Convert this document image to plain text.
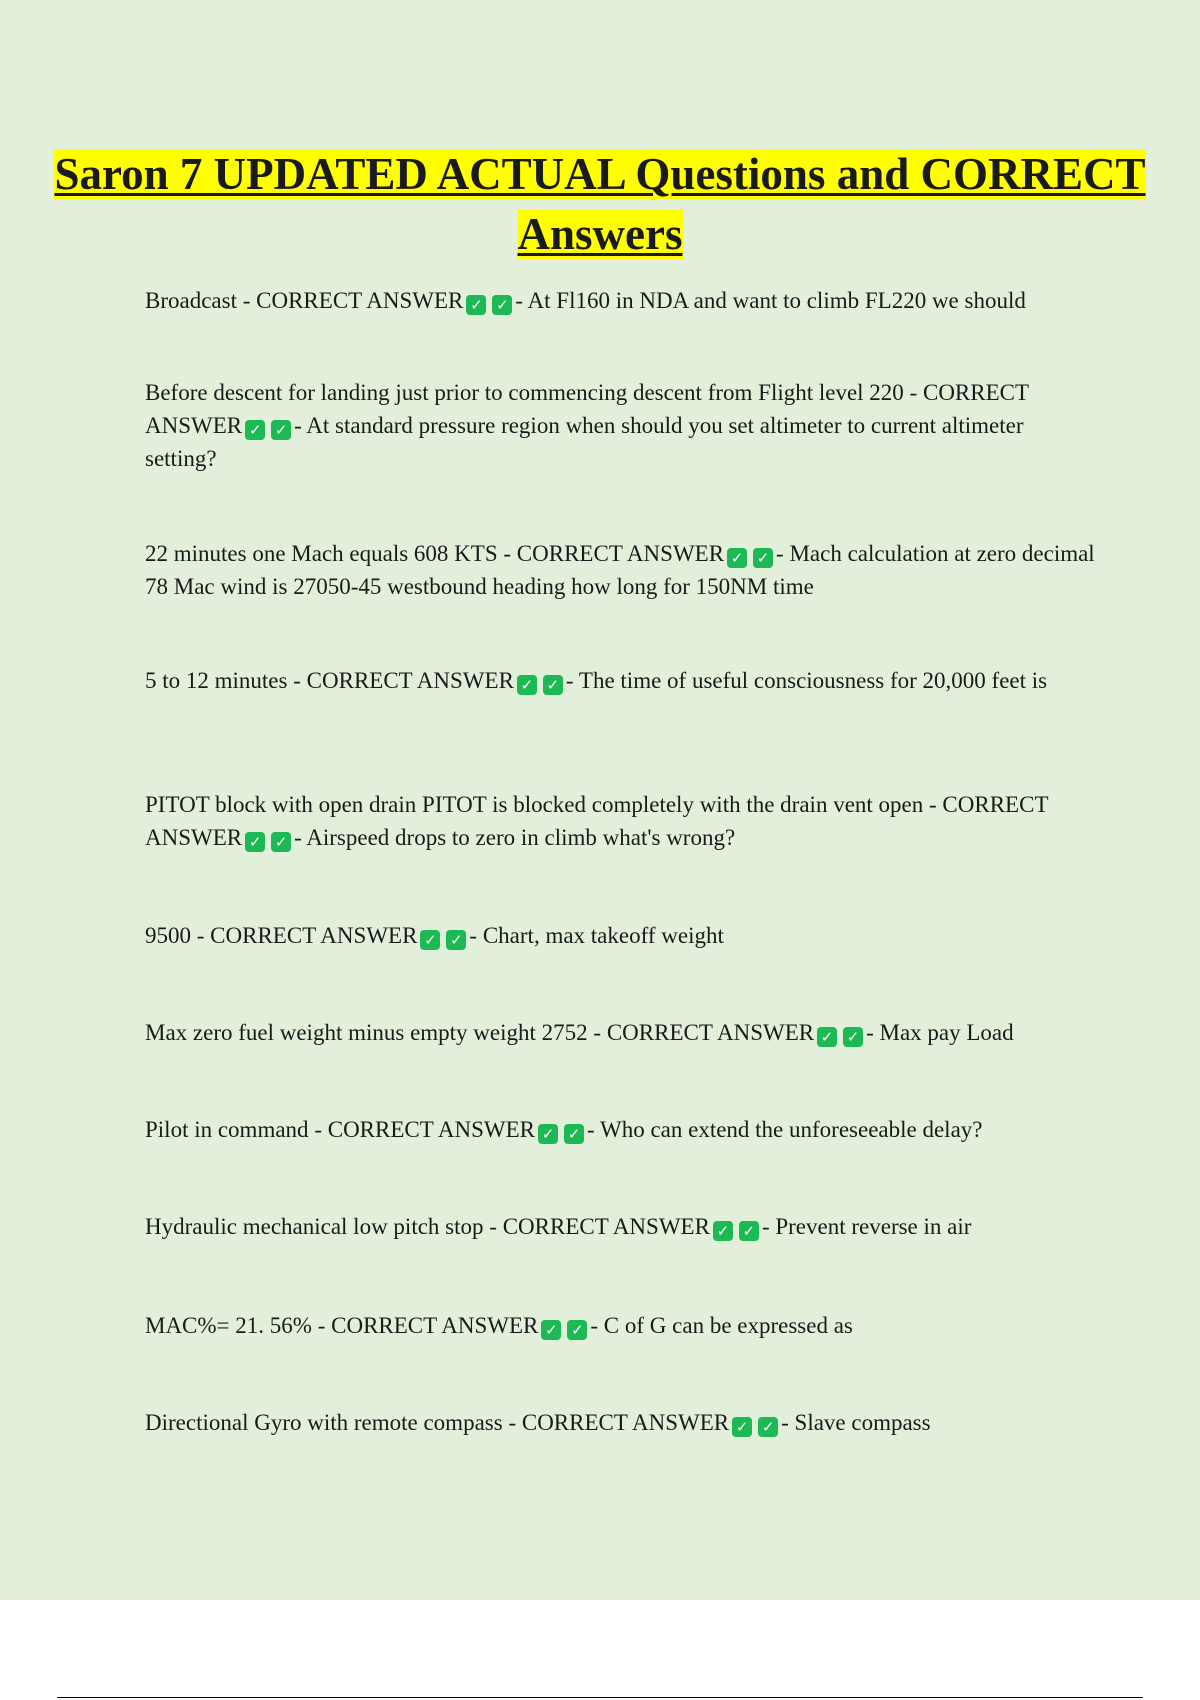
Saron 7 UPDATED ACTUAL Questions and CORRECT Answers
Broadcast - CORRECT ANSWER ✓ ✓ - At Fl160 in NDA and want to climb FL220 we should
Before descent for landing just prior to commencing descent from Flight level 220 - CORRECT ANSWER ✓ ✓ - At standard pressure region when should you set altimeter to current altimeter setting?
22 minutes one Mach equals 608 KTS - CORRECT ANSWER ✓ ✓ - Mach calculation at zero decimal 78 Mac wind is 27050-45 westbound heading how long for 150NM time
5 to 12 minutes - CORRECT ANSWER ✓ ✓ - The time of useful consciousness for 20,000 feet is
PITOT block with open drain PITOT is blocked completely with the drain vent open - CORRECT ANSWER ✓ ✓ - Airspeed drops to zero in climb what's wrong?
9500 - CORRECT ANSWER ✓ ✓ - Chart, max takeoff weight
Max zero fuel weight minus empty weight 2752 - CORRECT ANSWER ✓ ✓ - Max pay Load
Pilot in command - CORRECT ANSWER ✓ ✓ - Who can extend the unforeseeable delay?
Hydraulic mechanical low pitch stop - CORRECT ANSWER ✓ ✓ - Prevent reverse in air
MAC%= 21. 56% - CORRECT ANSWER ✓ ✓ - C of G can be expressed as
Directional Gyro with remote compass - CORRECT ANSWER ✓ ✓ - Slave compass
